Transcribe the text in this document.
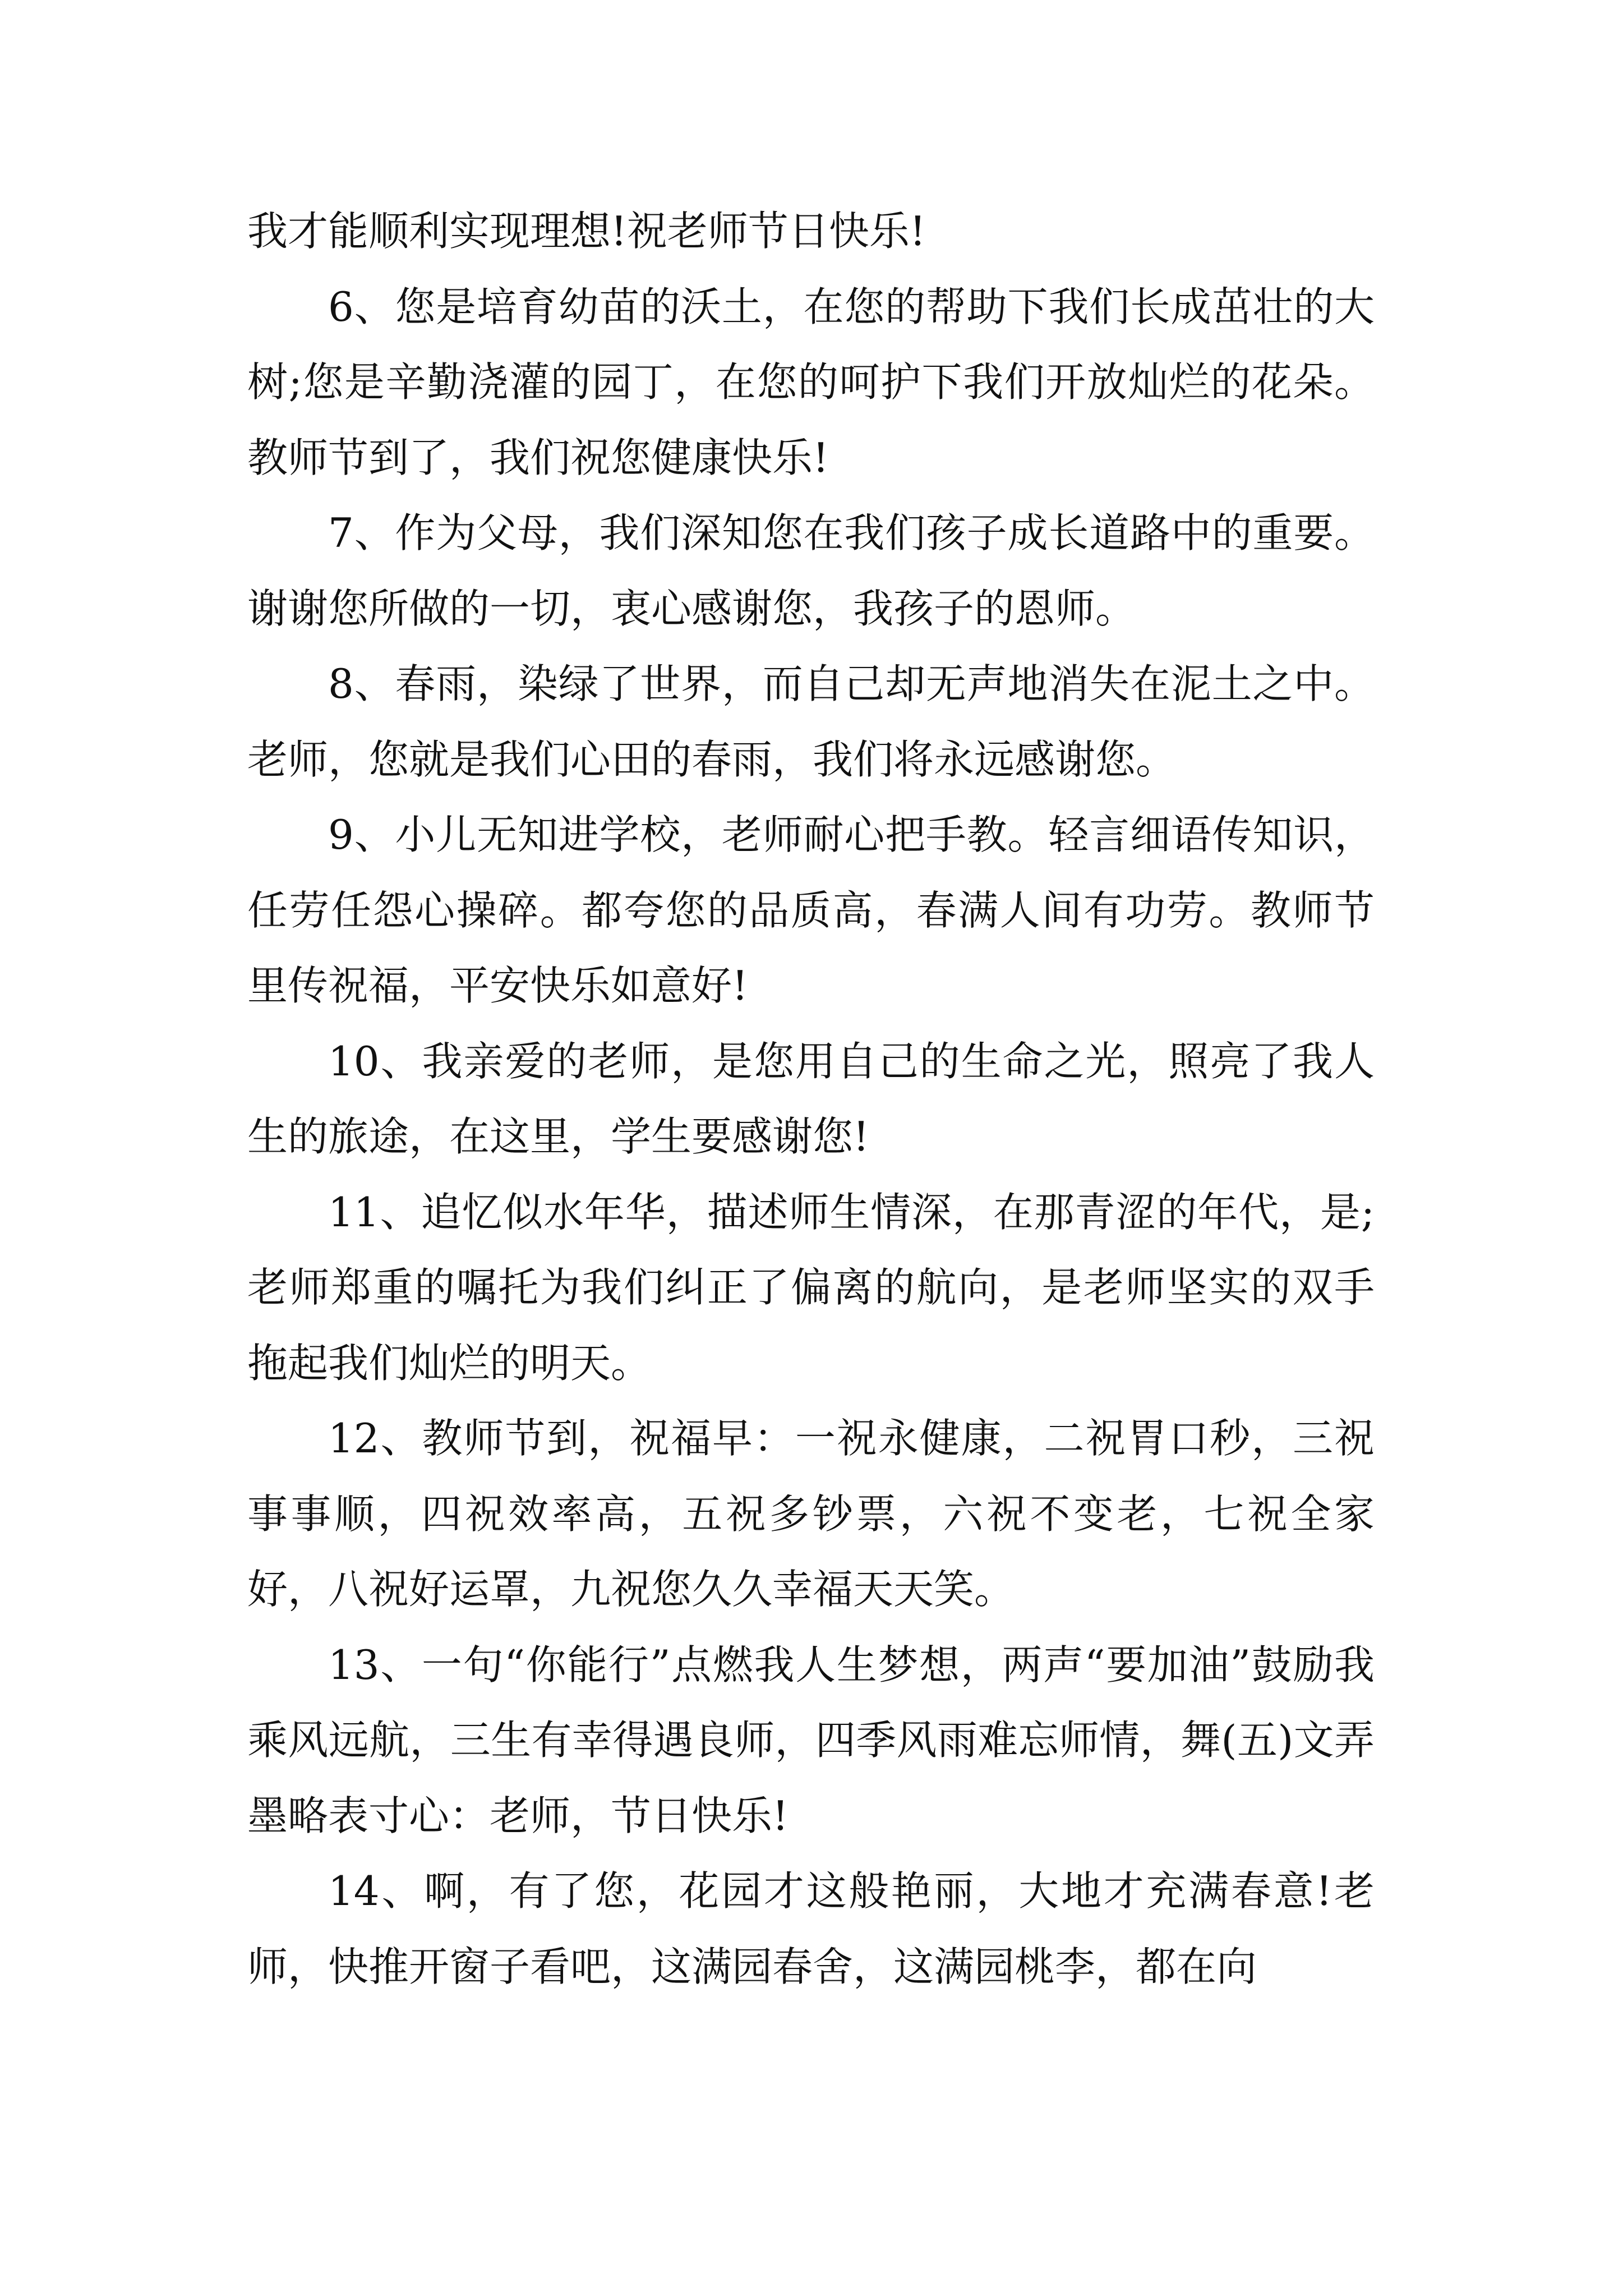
我才能顺利实现理想!祝老师节日快乐!

6、您是培育幼苗的沃土，在您的帮助下我们长成茁壮的大树;您是辛勤浇灌的园丁，在您的呵护下我们开放灿烂的花朵。教师节到了，我们祝您健康快乐!

7、作为父母，我们深知您在我们孩子成长道路中的重要。谢谢您所做的一切，衷心感谢您，我孩子的恩师。

8、春雨，染绿了世界，而自己却无声地消失在泥土之中。老师，您就是我们心田的春雨，我们将永远感谢您。

9、小儿无知进学校，老师耐心把手教。轻言细语传知识，任劳任怨心操碎。都夸您的品质高，春满人间有功劳。教师节里传祝福，平安快乐如意好!

10、我亲爱的老师，是您用自己的生命之光，照亮了我人生的旅途，在这里，学生要感谢您!

11、追忆似水年华，描述师生情深，在那青涩的年代，是;老师郑重的嘱托为我们纠正了偏离的航向，是老师坚实的双手拖起我们灿烂的明天。

12、教师节到，祝福早：一祝永健康，二祝胃口秒，三祝事事顺，四祝效率高，五祝多钞票，六祝不变老，七祝全家好，八祝好运罩，九祝您久久幸福天天笑。

13、一句“你能行”点燃我人生梦想，两声“要加油”鼓励我乘风远航，三生有幸得遇良师，四季风雨难忘师情，舞(五)文弄墨略表寸心：老师，节日快乐!

14、啊，有了您，花园才这般艳丽，大地才充满春意!老师，快推开窗子看吧，这满园春舍，这满园桃李，都在向
